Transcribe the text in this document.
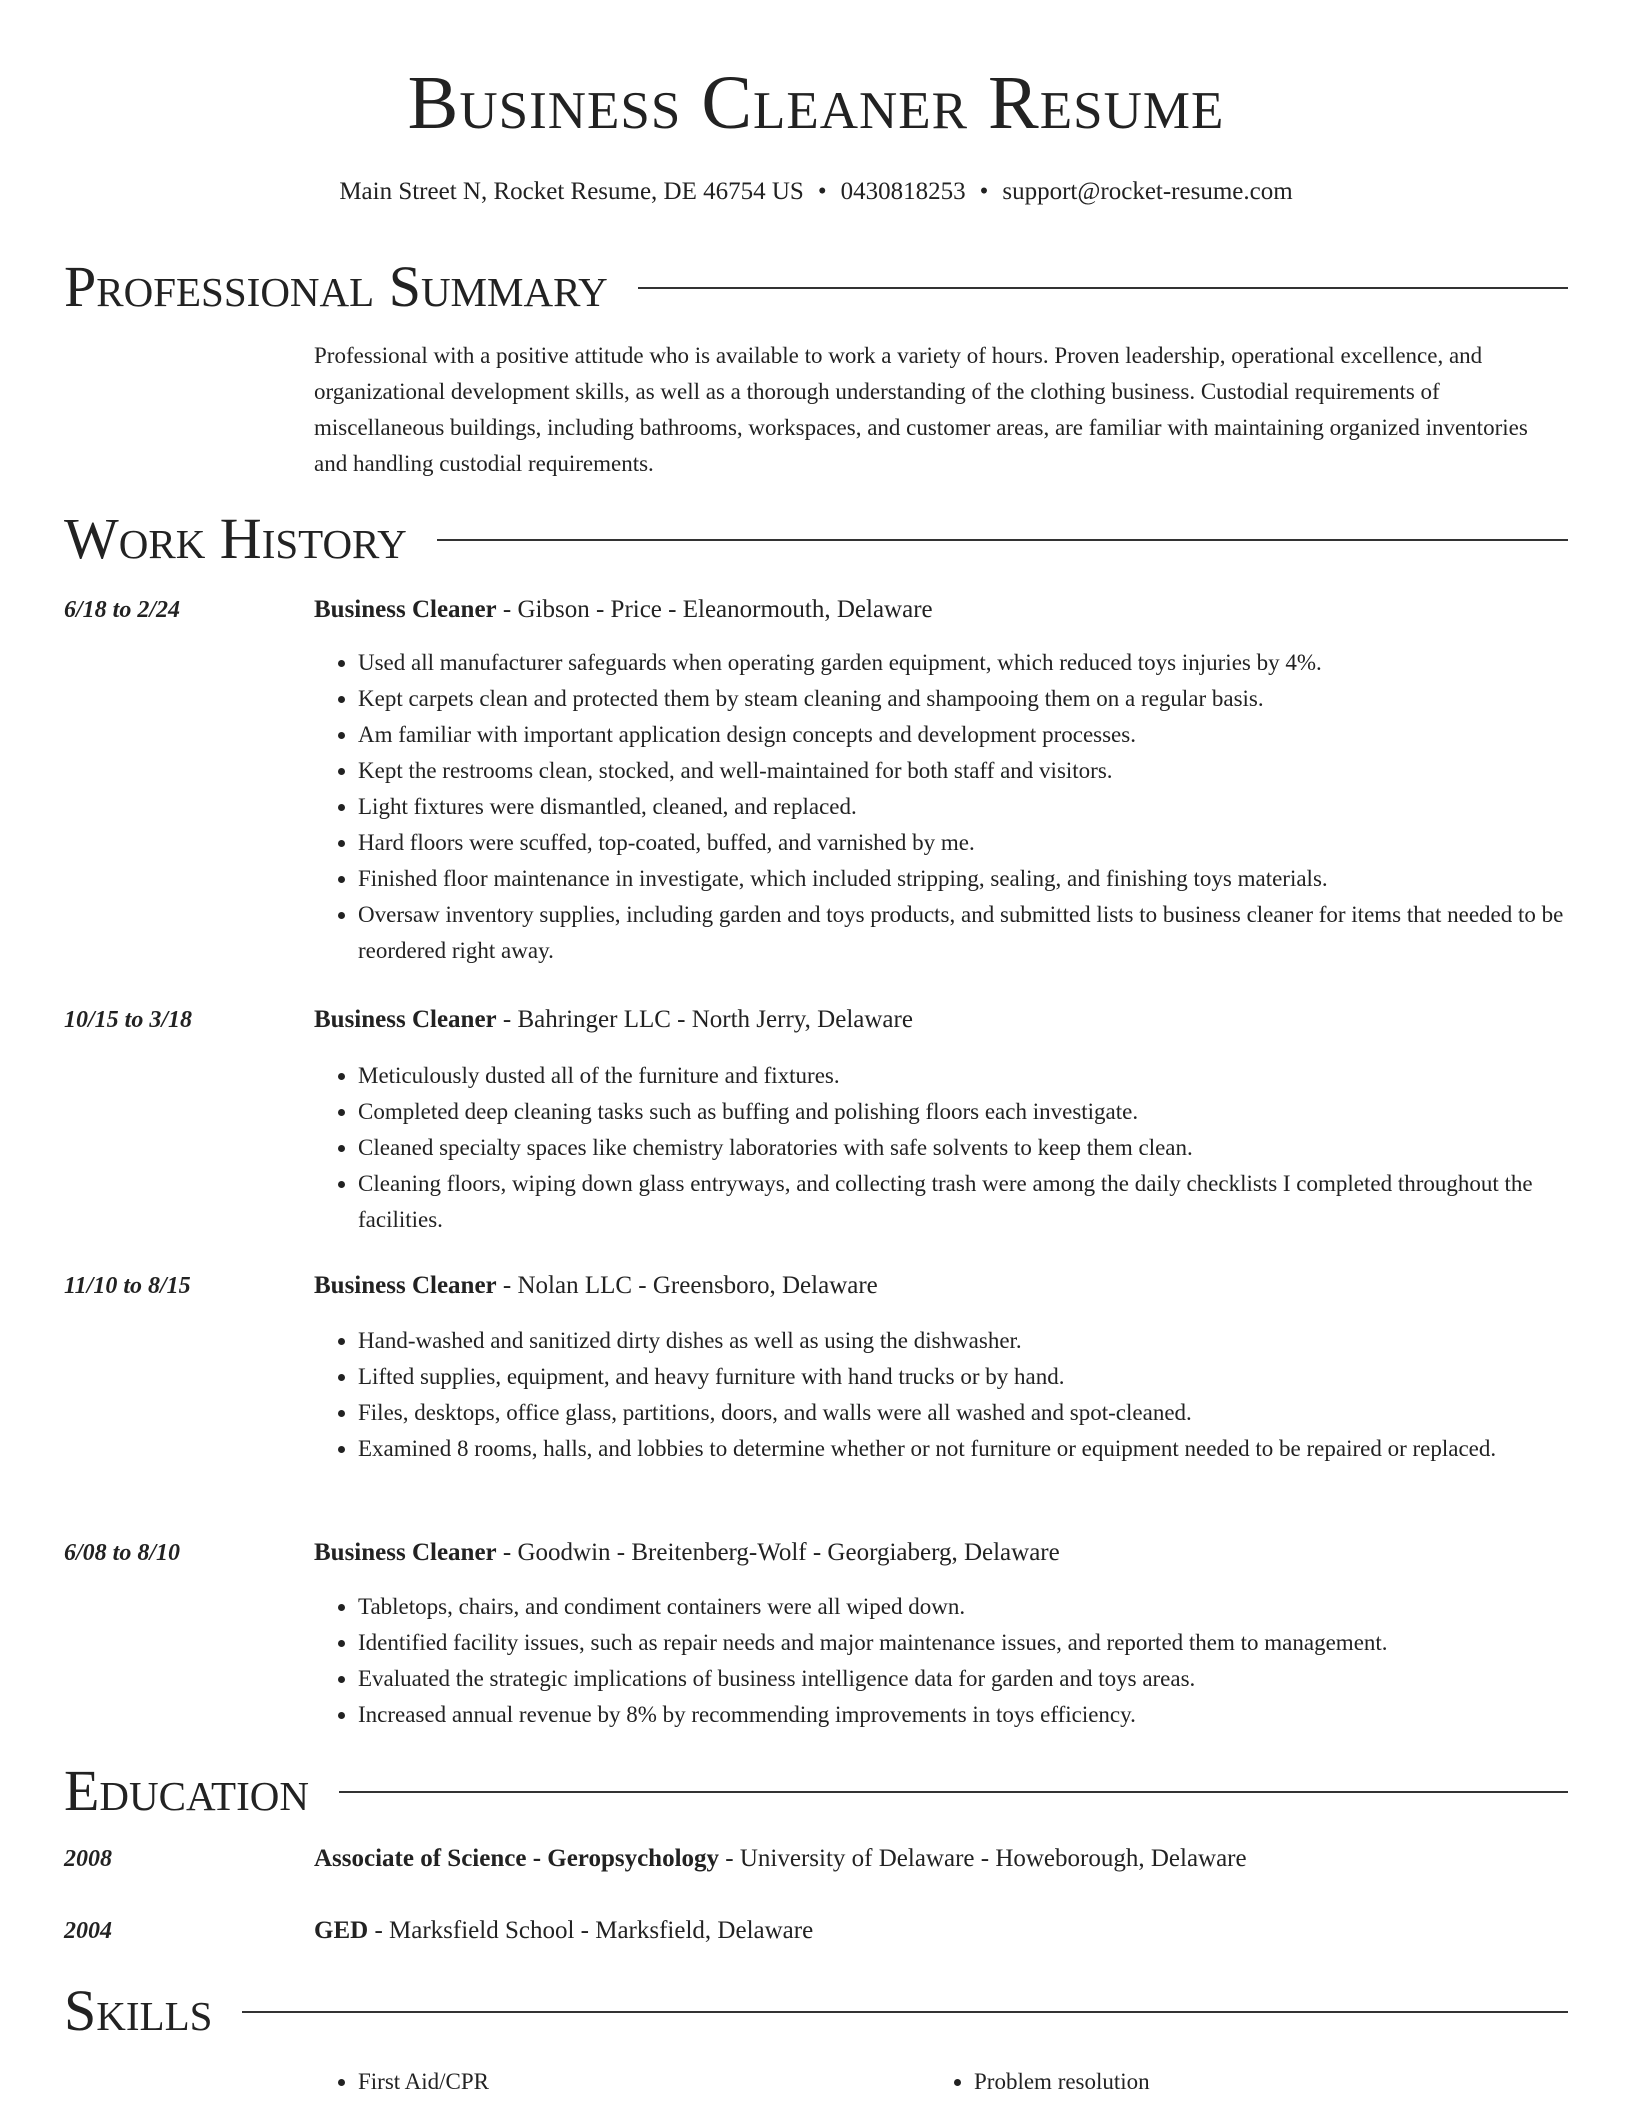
Business Cleaner Resume
Main Street N, Rocket Resume, DE 46754 US • 0430818253 • support@rocket-resume.com
Professional Summary
Professional with a positive attitude who is available to work a variety of hours. Proven leadership, operational excellence, and organizational development skills, as well as a thorough understanding of the clothing business. Custodial requirements of miscellaneous buildings, including bathrooms, workspaces, and customer areas, are familiar with maintaining organized inventories and handling custodial requirements.
Work History
6/18 to 2/24	Business Cleaner - Gibson - Price - Eleanormouth, Delaware
• Used all manufacturer safeguards when operating garden equipment, which reduced toys injuries by 4%.
• Kept carpets clean and protected them by steam cleaning and shampooing them on a regular basis.
• Am familiar with important application design concepts and development processes.
• Kept the restrooms clean, stocked, and well-maintained for both staff and visitors.
• Light fixtures were dismantled, cleaned, and replaced.
• Hard floors were scuffed, top-coated, buffed, and varnished by me.
• Finished floor maintenance in investigate, which included stripping, sealing, and finishing toys materials.
• Oversaw inventory supplies, including garden and toys products, and submitted lists to business cleaner for items that needed to be reordered right away.
10/15 to 3/18	Business Cleaner - Bahringer LLC - North Jerry, Delaware
• Meticulously dusted all of the furniture and fixtures.
• Completed deep cleaning tasks such as buffing and polishing floors each investigate.
• Cleaned specialty spaces like chemistry laboratories with safe solvents to keep them clean.
• Cleaning floors, wiping down glass entryways, and collecting trash were among the daily checklists I completed throughout the facilities.
11/10 to 8/15	Business Cleaner - Nolan LLC - Greensboro, Delaware
• Hand-washed and sanitized dirty dishes as well as using the dishwasher.
• Lifted supplies, equipment, and heavy furniture with hand trucks or by hand.
• Files, desktops, office glass, partitions, doors, and walls were all washed and spot-cleaned.
• Examined 8 rooms, halls, and lobbies to determine whether or not furniture or equipment needed to be repaired or replaced.
6/08 to 8/10	Business Cleaner - Goodwin - Breitenberg-Wolf - Georgiaberg, Delaware
• Tabletops, chairs, and condiment containers were all wiped down.
• Identified facility issues, such as repair needs and major maintenance issues, and reported them to management.
• Evaluated the strategic implications of business intelligence data for garden and toys areas.
• Increased annual revenue by 8% by recommending improvements in toys efficiency.
Education
2008	Associate of Science - Geropsychology - University of Delaware - Howeborough, Delaware
2004	GED - Marksfield School - Marksfield, Delaware
Skills
• First Aid/CPR
•	Problem resolution
